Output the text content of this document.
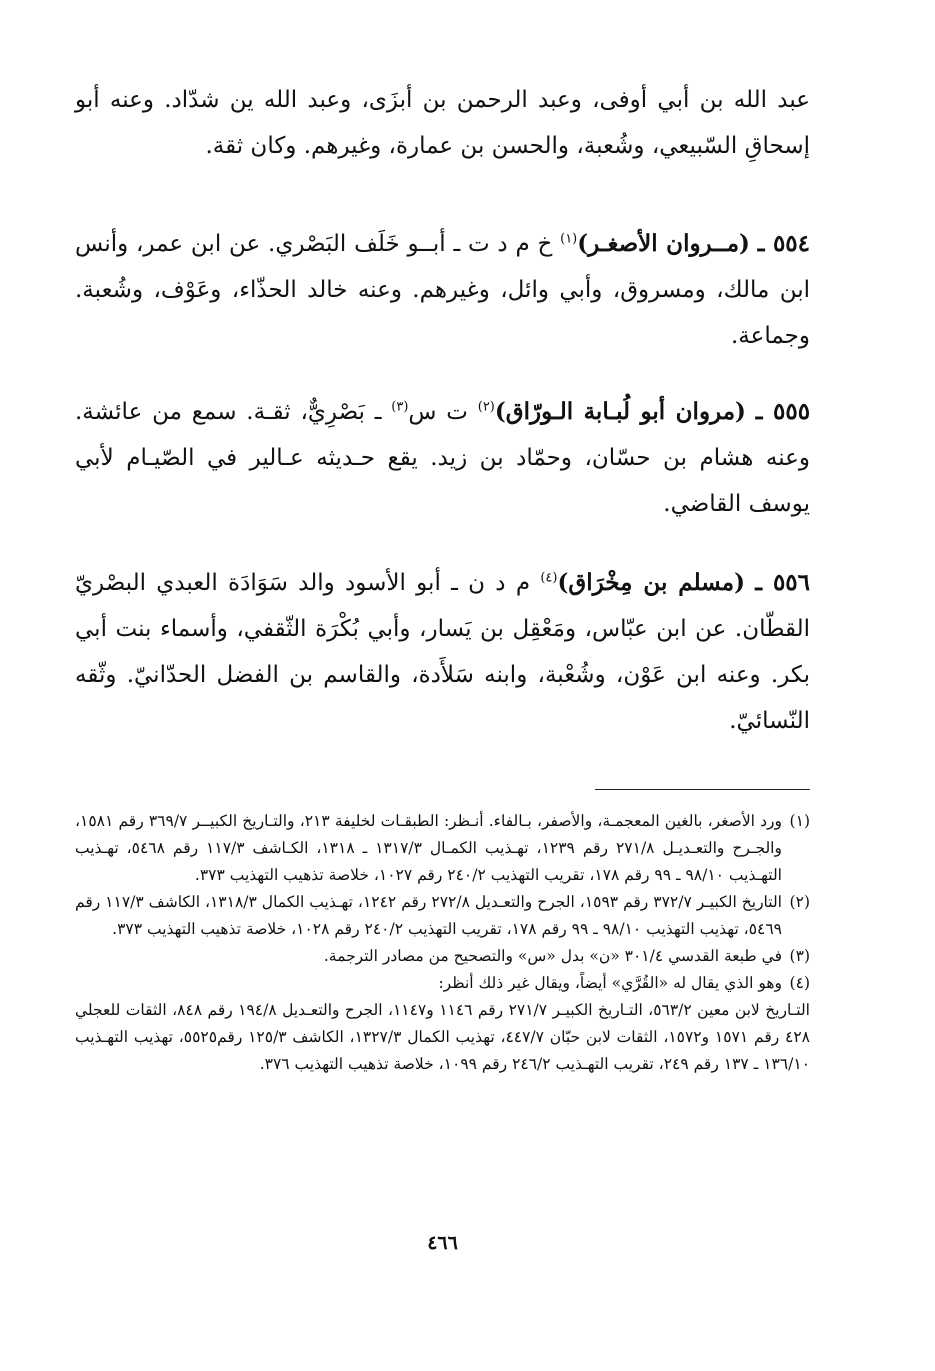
عبد الله بن أبي أوفى، وعبد الرحمن بن أبزَى، وعبد الله ين شدّاد. وعنه أبو إسحاقِ السّبيعي، وشُعبة، والحسن بن عمارة، وغيرهم. وكان ثقة.

٥٥٤ ـ (مــروان الأصغـر)$^{(١)}$ خ م د ت ـ أبــو خَلَف البَصْري. عن ابن عمر، وأنس ابن مالك، ومسروق، وأبي وائل، وغيرهم. وعنه خالد الحذّاء، وعَوْف، وشُعبة. وجماعة.

٥٥٥ ـ (مروان أبو لُبـابة الـورّاق)$^{(٢)}$ ت س$^{(٣)}$ ـ بَصْرِيٌّ، ثقـة. سمع من عائشة. وعنه هشام بن حسّان، وحمّاد بن زيد. يقع حـديثه عـالير في الصّيـام لأبي يوسف القاضي.

٥٥٦ ـ (مسلم بن مِخْرَاق)$^{(٤)}$ م د ن ـ أبو الأسود والد سَوَادَة العبدي البصْريّ القطّان. عن ابن عبّاس، ومَعْقِل بن يَسار، وأبي بُكْرَة الثّقفي، وأسماء بنت أبي بكر. وعنه ابن عَوْن، وشُعْبة، وابنه سَلأَدة، والقاسم بن الفضل الحدّانيّ. وثّقه النّسائيّ.

(١)
ورد الأصغر، بالغين المعجمـة، والأصفر، بـالفاء. أنـظر: الطبقـات لخليفة ٢١٣، والتـاريخ الكبيــر ٣٦٩/٧ رقم ١٥٨١، والجـرح والتعـديـل ٢٧١/٨ رقم ١٢٣٩، تهـذيب الكمـال ١٣١٧/٣ ـ ١٣١٨، الكـاشف ١١٧/٣ رقم ٥٤٦٨، تهـذيب التهـذيب ٩٨/١٠ ـ ٩٩ رقم ١٧٨، تقريب التهذيب ٢٤٠/٢ رقم ١٠٢٧، خلاصة تذهيب التهذيب ٣٧٣.
(٢)
التاريخ الكبيـر ٣٧٢/٧ رقم ١٥٩٣، الجرح والتعـديل ٢٧٢/٨ رقم ١٢٤٢، تهـذيب الكمال ١٣١٨/٣، الكاشف ١١٧/٣ رقم ٥٤٦٩، تهذيب التهذيب ٩٨/١٠ ـ ٩٩ رقم ١٧٨، تقريب التهذيب ٢٤٠/٢ رقم ١٠٢٨، خلاصة تذهيب التهذيب ٣٧٣.
(٣)
في طبعة القدسي ٣٠١/٤ «ن» بدل «س» والتصحيح من مصادر الترجمة.
(٤)
وهو الذي يقال له «القُرَّي» أيضاً، ويقال غير ذلك أنظر:
التـاريخ لابن معين ٥٦٣/٢، التـاريخ الكبيـر ٢٧١/٧ رقم ١١٤٦ و١١٤٧، الجرح والتعـديل ١٩٤/٨ رقم ٨٤٨، الثقات للعجلي ٤٢٨ رقم ١٥٧١ و١٥٧٢، الثقات لابن حبّان ٤٤٧/٧، تهذيب الكمال ١٣٢٧/٣، الكاشف ١٢٥/٣ رقم٥٥٢٥، تهذيب التهـذيب ١٣٦/١٠ ـ ١٣٧ رقم ٢٤٩، تقريب التهـذيب ٢٤٦/٢ رقم ١٠٩٩، خلاصة تذهيب التهذيب ٣٧٦.
٤٦٦
